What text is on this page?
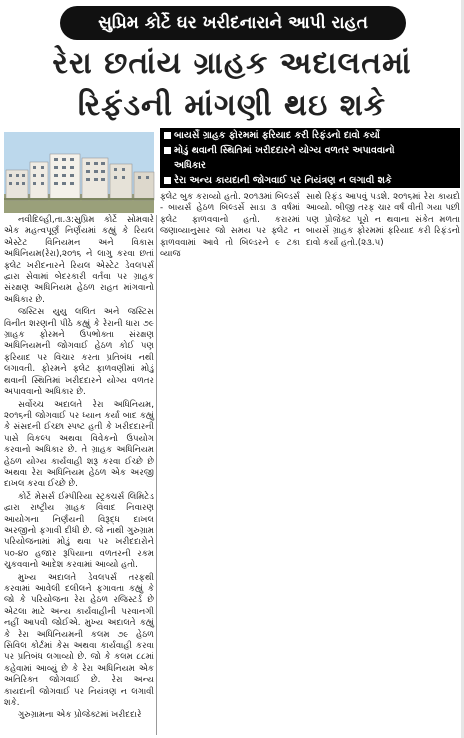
સુપ્રિમ કોર્ટે ઘર ખરીદનારાને આપી રાહત
રેરા છતાંય ગ્રાહક અદાલતમાં
રિફંડની માંગણી થઇ શકે
બાયર્સે ગ્રાહક ફોરમમાં ફરિયાદ કરી રિફંડનો દાવો કર્યો
મોડું થવાની સ્થિતિમાં ખરીદદારને યોગ્ય વળતર અપાવવાનો
અધિકાર
રેરા અન્ય કાયદાની જોગવાઈ પર નિયંત્રણ ન લગાવી શકે
ફ્લેટ બુક કરાવ્યો હતો. ૨૦૧૩માં બિલ્ડર્સ - બાયર્સ હેઠળ બિલ્ડર્સે સાડા ૩ વર્ષમાં ફ્લેટ ફાળવવાનો હતો. કરારમાં જણાવ્યાનુસાર જો સમય પર ફ્લેટ ન ફાળવવામાં આવે તો બિલ્ડરને ૯ ટકા વ્યાજ
સાથે રિફંડ આપવું પડશે. ૨૦૧૬માં રેરા કાયદો આવ્યો. બીજી તરફ ચાર વર્ષ વીતી ગયા પછી પણ પ્રોજેક્ટ પૂરો ન થવાના સંકેત મળતા બાયર્સે ગ્રાહક ફોરમમાં ફરિયાદ કરી રિફંડનો દાવો કર્યો હતો.(૨૩.૫)

નવીદિલ્હી,તા.૩:સુપ્રિમ કોર્ટે સોમવારે એક મહત્વપૂર્ણ નિર્ણયમાં કહ્યું કે રિયલ એસ્ટેટ વિનિયમન અને વિકાસ અધિનિયમ(રેરા),૨૦૧૬ ને લાગુ કરવા છતાં ફ્લેટ ખરીદનારને રિયલ એસ્ટેટ ડેવલપર્સ દ્વારા સેવામાં બેદરકારી વર્તવા પર ગ્રાહક સંરક્ષણ અધિનિયમ હેઠળ રાહત માંગવાનો અધિકાર છે.

જસ્ટિસ યુયુ લલિત અને જસ્ટિસ વિનીત શરણની પીઠે કહ્યું કે રેરાની ધારા ૭૯ ગ્રાહક ફોરમને ઉપભોક્તા સંરક્ષણ અધિનિયમની જોગવાઈ હેઠળ કોઈ પણ ફરિયાદ પર વિચાર કરતા પ્રતિબંધ નથી લગાવતી. ફોરમને ફ્લેટ ફાળવણીમાં મોડું થવાની સ્થિતિમાં ખરીદદારને યોગ્ય વળતર અપાવવાનો અધિકાર છે.

સર્વોચ્ચ અદાલતે રેરા અધિનિયમ, ૨૦૧૬ની જોગવાઈ પર ધ્યાન કર્યા બાદ કહ્યું કે સંસદની ઈચ્છા સ્પષ્ટ હતી કે ખરીદદારની પાસે વિકલ્પ અથવા વિવેકનો ઉપયોગ કરવાનો અધિકાર છે. તે ગ્રાહક અધિનિયમ હેઠળ યોગ્ય કાર્યવાહી શરૂ કરવા ઈચ્છે છે અથવા રેરા અધિનિયમ હેઠળ એક અરજી દાખલ કરવા ઈચ્છે છે.

કોર્ટે મેસર્સ ઈમ્પીરિયા સ્ટ્રક્ચર્સ લિમિટેડ દ્વારા રાષ્ટ્રીય ગ્રાહક વિવાદ નિવારણ આયોગના નિર્ણયની વિરૂદ્ધ દાખલ અરજીનો ફગાવી દીધી છે. જે નાથી ગુરુગ્રામ પરિયોજનામાં મોડું થવા પર ખરીદદારોને ૫૦-૪૦ હજાર રૂપિયાના વળતરની રકમ ચુકવવાનો આદેશ કરવામાં આવ્યો હતો.

મુખ્ય અદાલતે ડેવલપર્સ તરફથી કરવામાં આવેલી દલીલને ફગાવતા કહ્યું કે જો કે પરિયોજના રેરા હેઠળ રજિસ્ટર્ડ છે એટલા માટે અન્ય કાર્યવાહીની પરવાનગી નહીં આપવી જોઈએ. મુખ્ય અદાલતે કહ્યું કે રેરા અધિનિયમની કલમ ૭૯ હેઠળ સિવિલ કોર્ટમાં કેસ અથવા કાર્યવાહી કરવા પર પ્રતિબંધ લગાવ્યો છે. જો કે કલમ ૮૮માં કહેવામાં આવ્યું છે કે રેરા અધિનિયમ એક અતિરિક્ત જોગવાઈ છે. રેરા અન્ય કાયદાની જોગવાઈ પર નિયંત્રણ ન લગાવી શકે.

ગુરુગ્રામના એક પ્રોજેક્ટમાં ખરીદદારે
